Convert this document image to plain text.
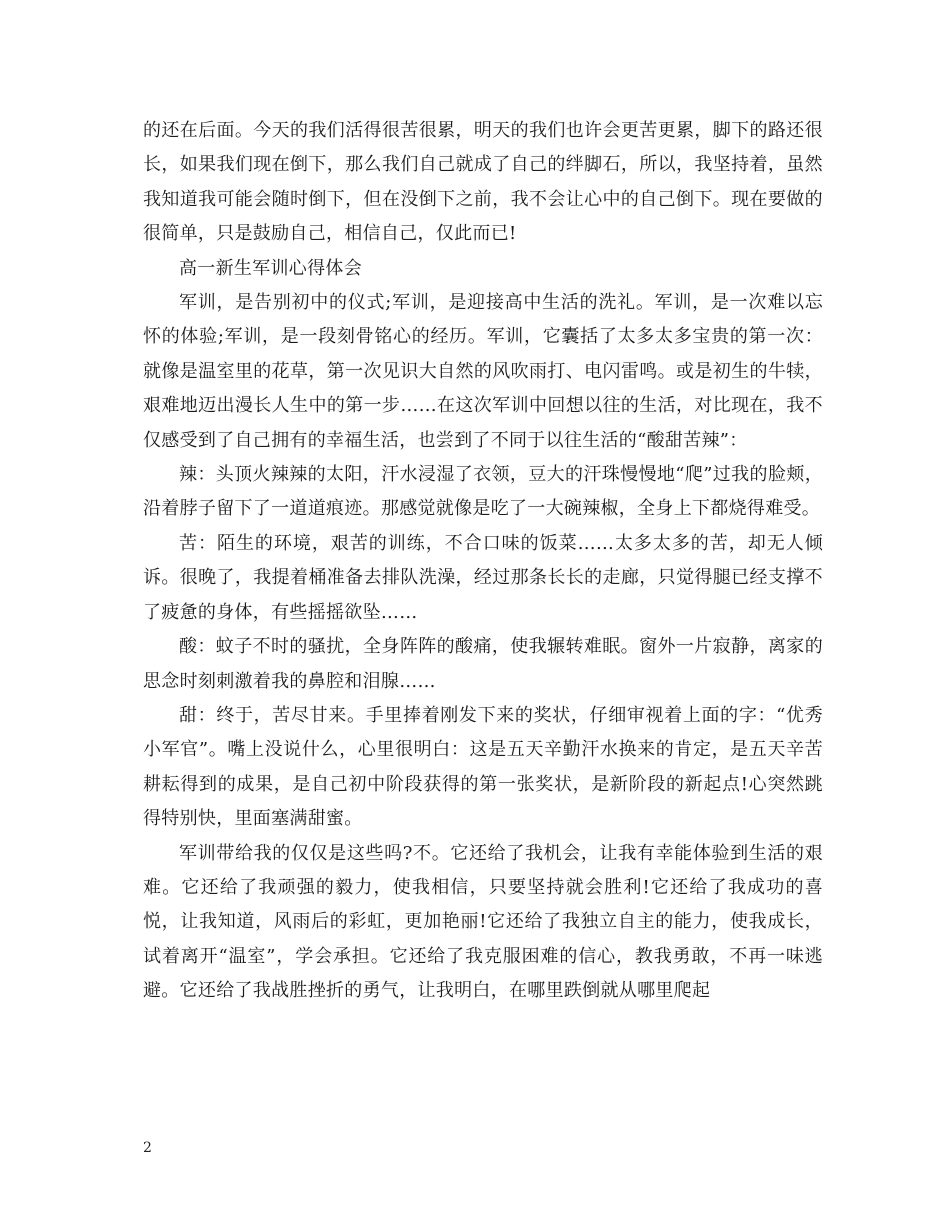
的还在后面。今天的我们活得很苦很累，明天的我们也许会更苦更累，脚下的路还很长，如果我们现在倒下，那么我们自己就成了自己的绊脚石，所以，我坚持着，虽然我知道我可能会随时倒下，但在没倒下之前，我不会让心中的自己倒下。现在要做的很简单，只是鼓励自己，相信自己，仅此而已!

高一新生军训心得体会

军训，是告别初中的仪式;军训，是迎接高中生活的洗礼。军训，是一次难以忘怀的体验;军训，是一段刻骨铭心的经历。军训，它囊括了太多太多宝贵的第一次：就像是温室里的花草，第一次见识大自然的风吹雨打、电闪雷鸣。或是初生的牛犊，艰难地迈出漫长人生中的第一步……在这次军训中回想以往的生活，对比现在，我不仅感受到了自己拥有的幸福生活，也尝到了不同于以往生活的“酸甜苦辣”：

辣：头顶火辣辣的太阳，汗水浸湿了衣领，豆大的汗珠慢慢地“爬”过我的脸颊，沿着脖子留下了一道道痕迹。那感觉就像是吃了一大碗辣椒，全身上下都烧得难受。

苦：陌生的环境，艰苦的训练，不合口味的饭菜……太多太多的苦，却无人倾诉。很晚了，我提着桶准备去排队洗澡，经过那条长长的走廊，只觉得腿已经支撑不了疲惫的身体，有些摇摇欲坠……

酸：蚊子不时的骚扰，全身阵阵的酸痛，使我辗转难眠。窗外一片寂静，离家的思念时刻刺激着我的鼻腔和泪腺……

甜：终于，苦尽甘来。手里捧着刚发下来的奖状，仔细审视着上面的字：“优秀小军官”。嘴上没说什么，心里很明白：这是五天辛勤汗水换来的肯定，是五天辛苦耕耘得到的成果，是自己初中阶段获得的第一张奖状，是新阶段的新起点!心突然跳得特别快，里面塞满甜蜜。

军训带给我的仅仅是这些吗?不。它还给了我机会，让我有幸能体验到生活的艰难。它还给了我顽强的毅力，使我相信，只要坚持就会胜利!它还给了我成功的喜悦，让我知道，风雨后的彩虹，更加艳丽!它还给了我独立自主的能力，使我成长，试着离开“温室”，学会承担。它还给了我克服困难的信心，教我勇敢，不再一味逃避。它还给了我战胜挫折的勇气，让我明白，在哪里跌倒就从哪里爬起

2
